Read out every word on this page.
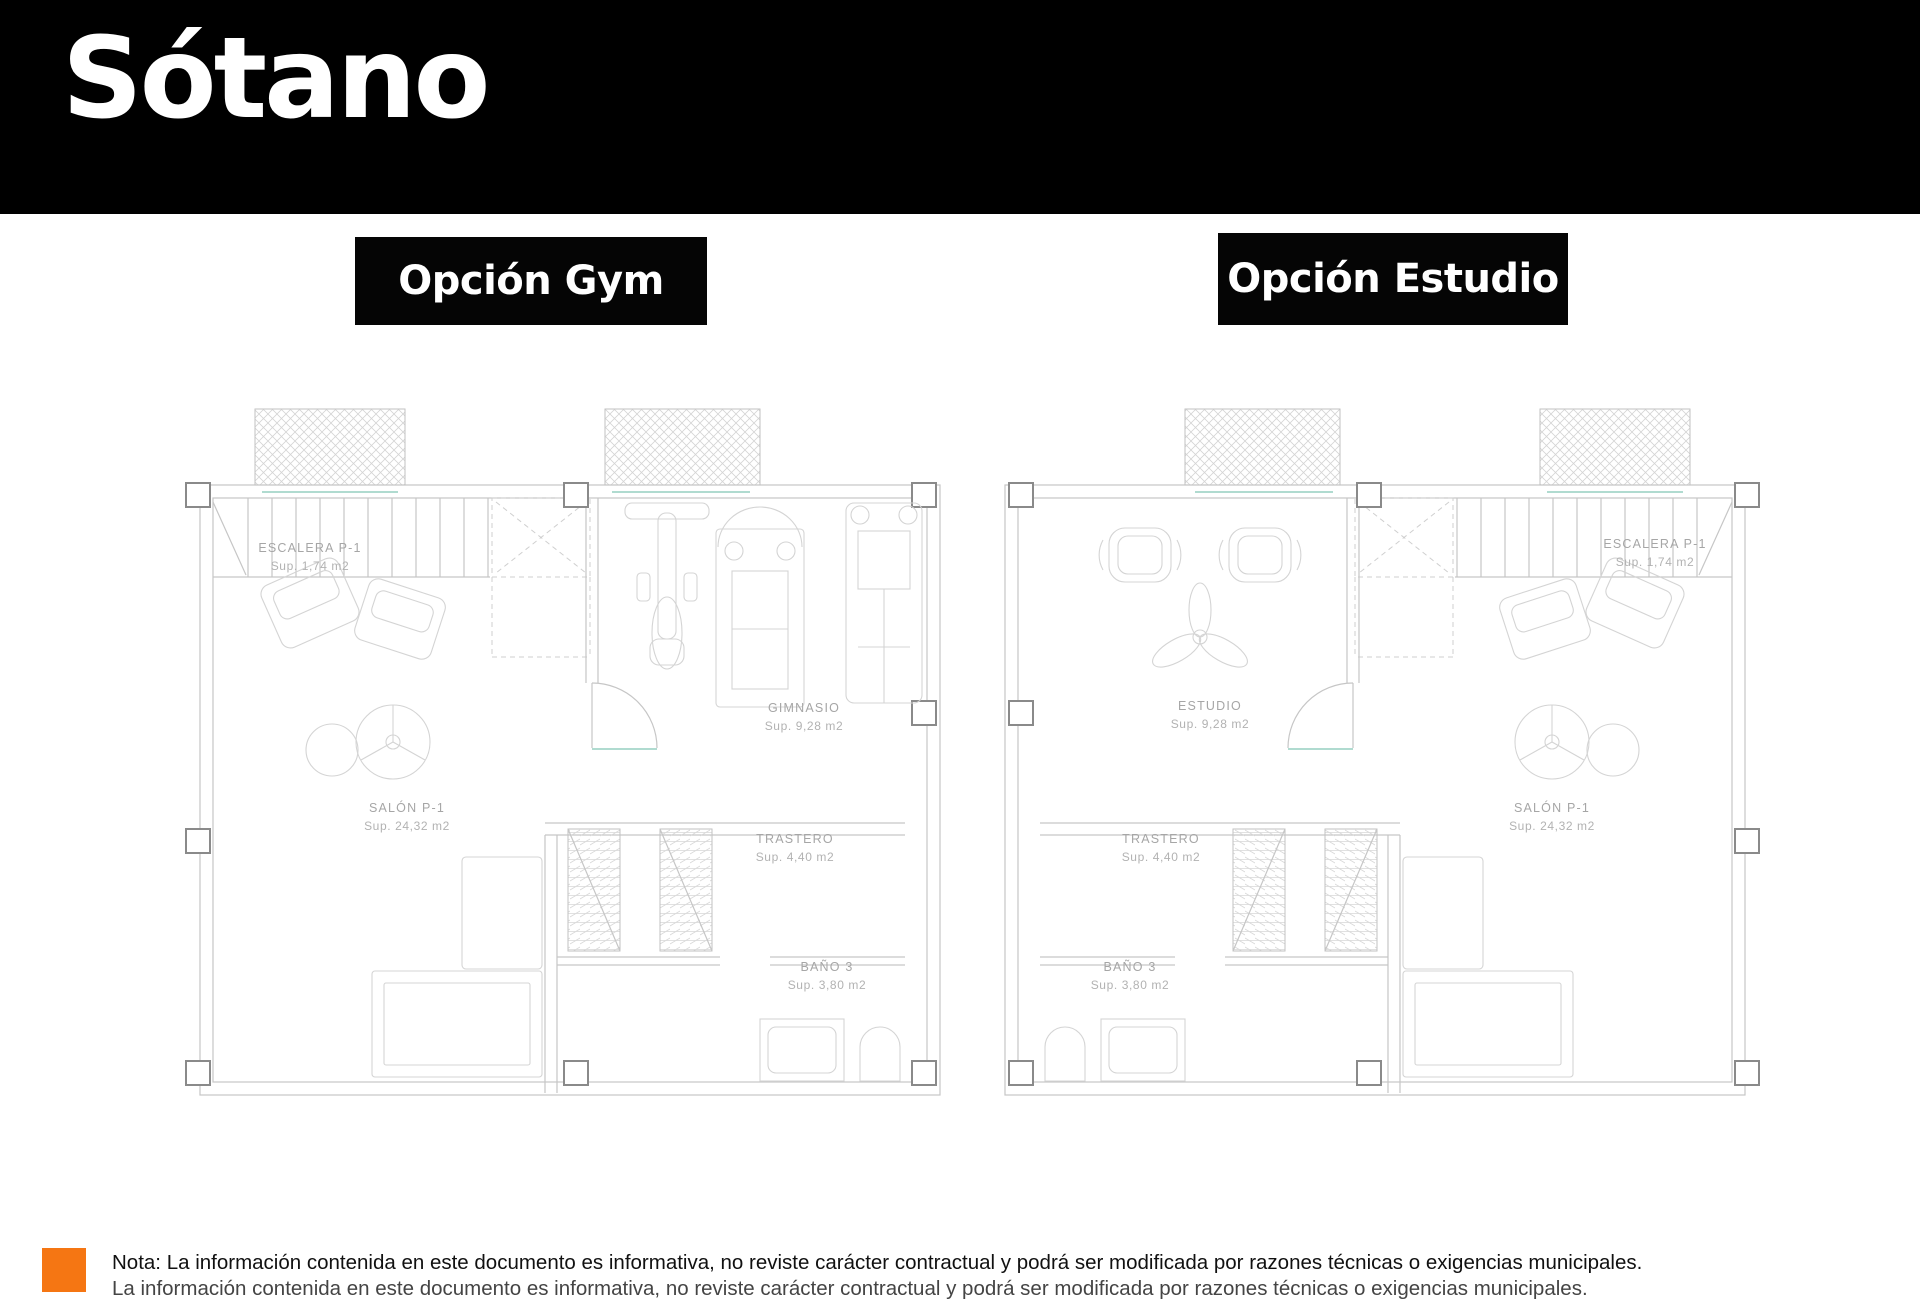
Sótano
Opción Gym	Opción Estudio
ESCALERA P-1
Sup. 1,74 m2
GIMNASIO
Sup. 9,28 m2
SALÓN P-1
Sup. 24,32 m2
TRASTERO
Sup. 4,40 m2
BAÑO 3
Sup. 3,80 m2
ESCALERA P-1
Sup. 1,74 m2
ESTUDIO
Sup. 9,28 m2
SALÓN P-1
Sup. 24,32 m2
TRASTERO
Sup. 4,40 m2
BAÑO 3
Sup. 3,80 m2
Nota: La información contenida en este documento es informativa, no reviste carácter contractual y podrá ser modificada por razones técnicas o exigencias municipales.
La información contenida en este documento es informativa, no reviste carácter contractual y podrá ser modificada por razones técnicas o exigencias municipales.
